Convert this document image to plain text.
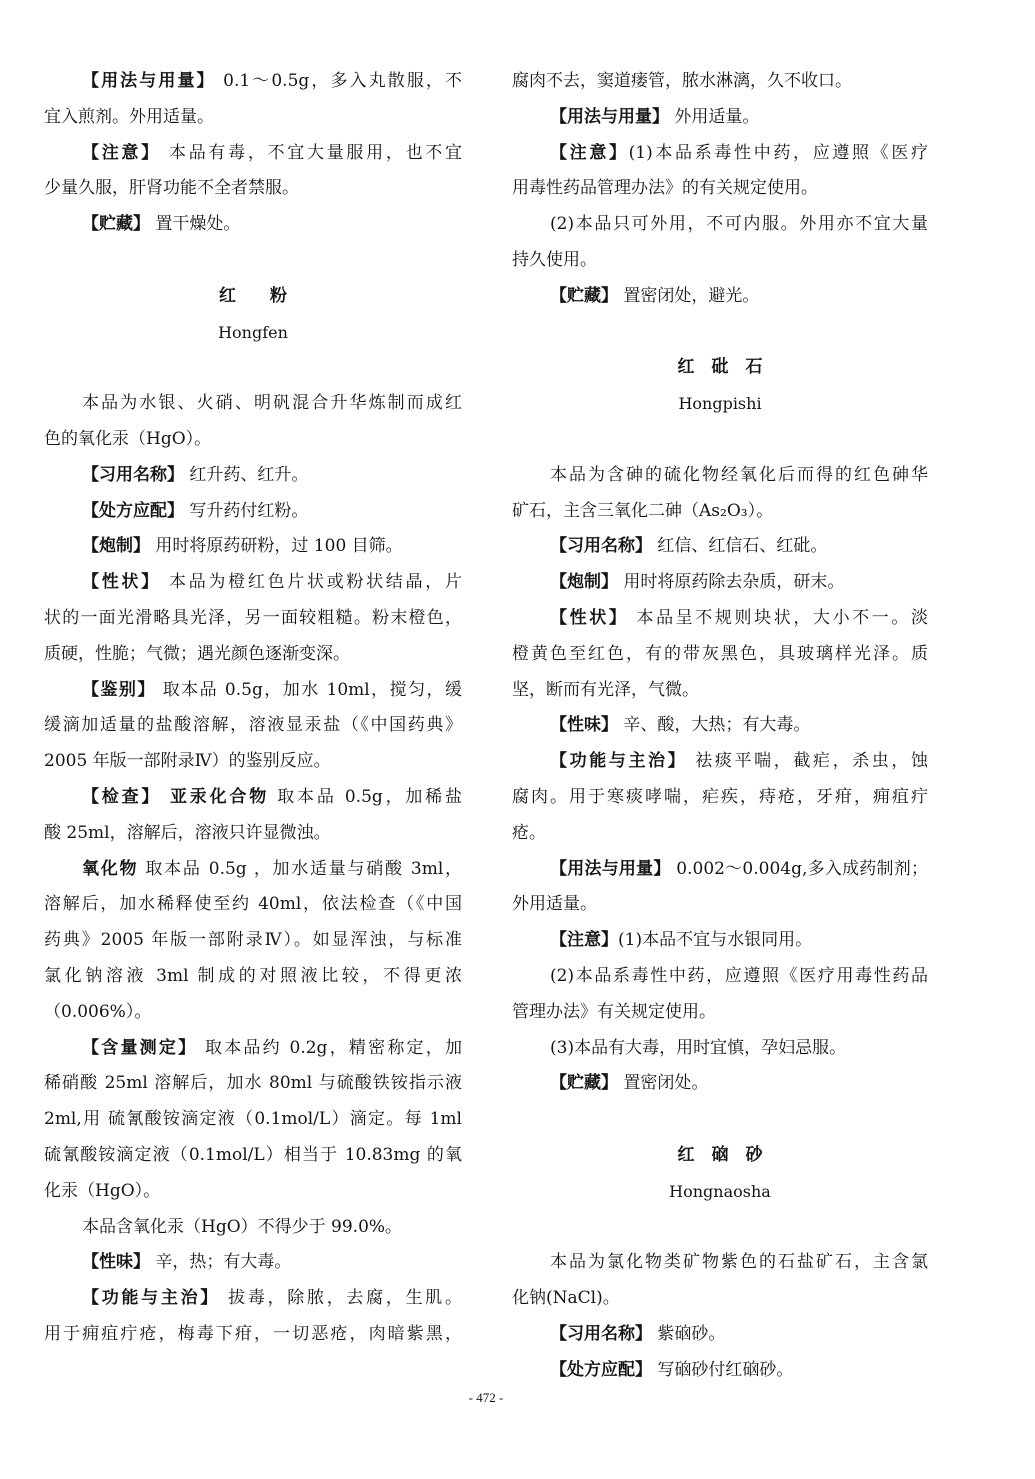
【用法与用量】 0.1～0.5g，多入丸散服，不
宜入煎剂。外用适量。
【注意】 本品有毒，不宜大量服用，也不宜
少量久服，肝肾功能不全者禁服。
【贮藏】 置干燥处。
红　　粉
Hongfen
本品为水银、火硝、明矾混合升华炼制而成红
色的氧化汞（HgO）。
【习用名称】 红升药、红升。
【处方应配】 写升药付红粉。
【炮制】 用时将原药研粉，过 100 目筛。
【性状】 本品为橙红色片状或粉状结晶，片
状的一面光滑略具光泽，另一面较粗糙。粉末橙色，
质硬，性脆；气微；遇光颜色逐渐变深。
【鉴别】 取本品 0.5g，加水 10ml，搅匀，缓
缓滴加适量的盐酸溶解，溶液显汞盐（《中国药典》
2005 年版一部附录Ⅳ）的鉴别反应。
【检查】 亚汞化合物 取本品 0.5g，加稀盐
酸 25ml，溶解后，溶液只许显微浊。
氧化物 取本品 0.5g ，加水适量与硝酸 3ml，
溶解后，加水稀释使至约 40ml，依法检查（《中国
药典》2005 年版一部附录Ⅳ）。如显浑浊，与标准
氯化钠溶液 3ml 制成的对照液比较，不得更浓
（0.006%）。
【含量测定】 取本品约 0.2g，精密称定，加
稀硝酸 25ml 溶解后，加水 80ml 与硫酸铁铵指示液
2ml,用 硫氰酸铵滴定液（0.1mol/L）滴定。每 1ml
硫氰酸铵滴定液（0.1mol/L）相当于 10.83mg 的氧
化汞（HgO）。
本品含氧化汞（HgO）不得少于 99.0%。
【性味】 辛，热；有大毒。
【功能与主治】 拔毒，除脓，去腐，生肌。
用于痈疽疔疮，梅毒下疳，一切恶疮，肉暗紫黑，
腐肉不去，窦道瘘管，脓水淋漓，久不收口。
【用法与用量】 外用适量。
【注意】(1)本品系毒性中药，应遵照《医疗
用毒性药品管理办法》的有关规定使用。
(2)本品只可外用，不可内服。外用亦不宜大量
持久使用。
【贮藏】 置密闭处，避光。
红　砒　石
Hongpishi
本品为含砷的硫化物经氧化后而得的红色砷华
矿石，主含三氧化二砷（As₂O₃）。
【习用名称】 红信、红信石、红砒。
【炮制】 用时将原药除去杂质，研末。
【性状】 本品呈不规则块状，大小不一。淡
橙黄色至红色，有的带灰黑色，具玻璃样光泽。质
坚，断而有光泽，气微。
【性味】 辛、酸，大热；有大毒。
【功能与主治】 祛痰平喘，截疟，杀虫，蚀
腐肉。用于寒痰哮喘，疟疾，痔疮，牙疳，痈疽疔
疮。
【用法与用量】 0.002～0.004g,多入成药制剂；
外用适量。
【注意】(1)本品不宜与水银同用。
(2)本品系毒性中药，应遵照《医疗用毒性药品
管理办法》有关规定使用。
(3)本品有大毒，用时宜慎，孕妇忌服。
【贮藏】 置密闭处。
红　硇　砂
Hongnaosha
本品为氯化物类矿物紫色的石盐矿石，主含氯
化钠(NaCl)。
【习用名称】 紫硇砂。
【处方应配】 写硇砂付红硇砂。
- 472 -
